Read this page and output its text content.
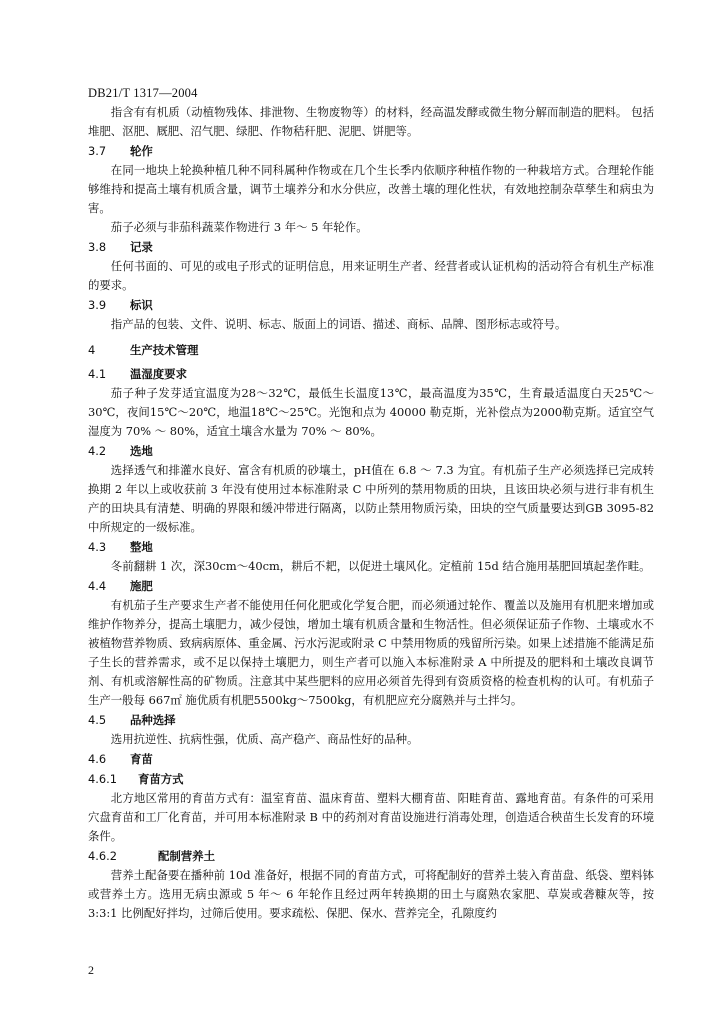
DB21/T 1317—2004

指含有有机质（动植物残体、排泄物、生物废物等）的材料，经高温发酵或微生物分解而制造的肥料。 包括堆肥、沤肥、厩肥、沼气肥、绿肥、作物秸秆肥、泥肥、饼肥等。

3.7	轮作

在同一地块上轮换种植几种不同科属种作物或在几个生长季内依顺序种植作物的一种栽培方式。合理轮作能够维持和提高土壤有机质含量，调节土壤养分和水分供应，改善土壤的理化性状，有效地控制杂草孳生和病虫为害。

茄子必须与非茄科蔬菜作物进行 3 年～ 5 年轮作。

3.8	记录

任何书面的、可见的或电子形式的证明信息，用来证明生产者、经营者或认证机构的活动符合有机生产标准的要求。

3.9	标识

指产品的包装、文件、说明、标志、版面上的词语、描述、商标、品牌、图形标志或符号。

4	生产技术管理
4.1	温湿度要求

茄子种子发芽适宜温度为28～32℃，最低生长温度13℃，最高温度为35℃，生育最适温度白天25℃～30℃，夜间15℃～20℃，地温18℃～25℃。光饱和点为 40000 勒克斯，光补偿点为2000勒克斯。适宜空气湿度为 70% ～ 80%，适宜土壤含水量为 70% ～ 80%。

4.2	选地

选择透气和排灌水良好、富含有机质的砂壤土，pH值在 6.8 ～ 7.3 为宜。有机茄子生产必须选择已完成转换期 2 年以上或收获前 3 年没有使用过本标准附录 C 中所列的禁用物质的田块，且该田块必须与进行非有机生产的田块具有清楚、明确的界限和缓冲带进行隔离，以防止禁用物质污染，田块的空气质量要达到GB 3095-82中所规定的一级标准。

4.3	整地

冬前翻耕 1 次，深30cm～40cm，耕后不耙，以促进土壤风化。定植前 15d 结合施用基肥回填起垄作畦。

4.4	施肥

有机茄子生产要求生产者不能使用任何化肥或化学复合肥，而必须通过轮作、覆盖以及施用有机肥来增加或维护作物养分，提高土壤肥力，减少侵蚀，增加土壤有机质含量和生物活性。但必须保证茄子作物、土壤或水不被植物营养物质、致病病原体、重金属、污水污泥或附录 C 中禁用物质的残留所污染。如果上述措施不能满足茄子生长的营养需求，或不足以保持土壤肥力，则生产者可以施入本标准附录 A 中所提及的肥料和土壤改良调节剂、有机或溶解性高的矿物质。注意其中某些肥料的应用必须首先得到有资质资格的检查机构的认可。有机茄子生产一般每 667㎡ 施优质有机肥5500kg～7500kg，有机肥应充分腐熟并与土拌匀。

4.5	品种选择

选用抗逆性、抗病性强，优质、高产稳产、商品性好的品种。

4.6	育苗
4.6.1	育苗方式

北方地区常用的育苗方式有：温室育苗、温床育苗、塑料大棚育苗、阳畦育苗、露地育苗。有条件的可采用穴盘育苗和工厂化育苗，并可用本标准附录 B 中的药剂对育苗设施进行消毒处理，创造适合秧苗生长发育的环境条件。

4.6.2	配制营养土

营养土配备要在播种前 10d 准备好，根据不同的育苗方式，可将配制好的营养土装入育苗盘、纸袋、塑料钵或营养土方。选用无病虫源或 5 年～ 6 年轮作且经过两年转换期的田土与腐熟农家肥、草炭或砻糠灰等，按 3:3:1 比例配好拌均，过筛后使用。要求疏松、保肥、保水、营养完全，孔隙度约

2
